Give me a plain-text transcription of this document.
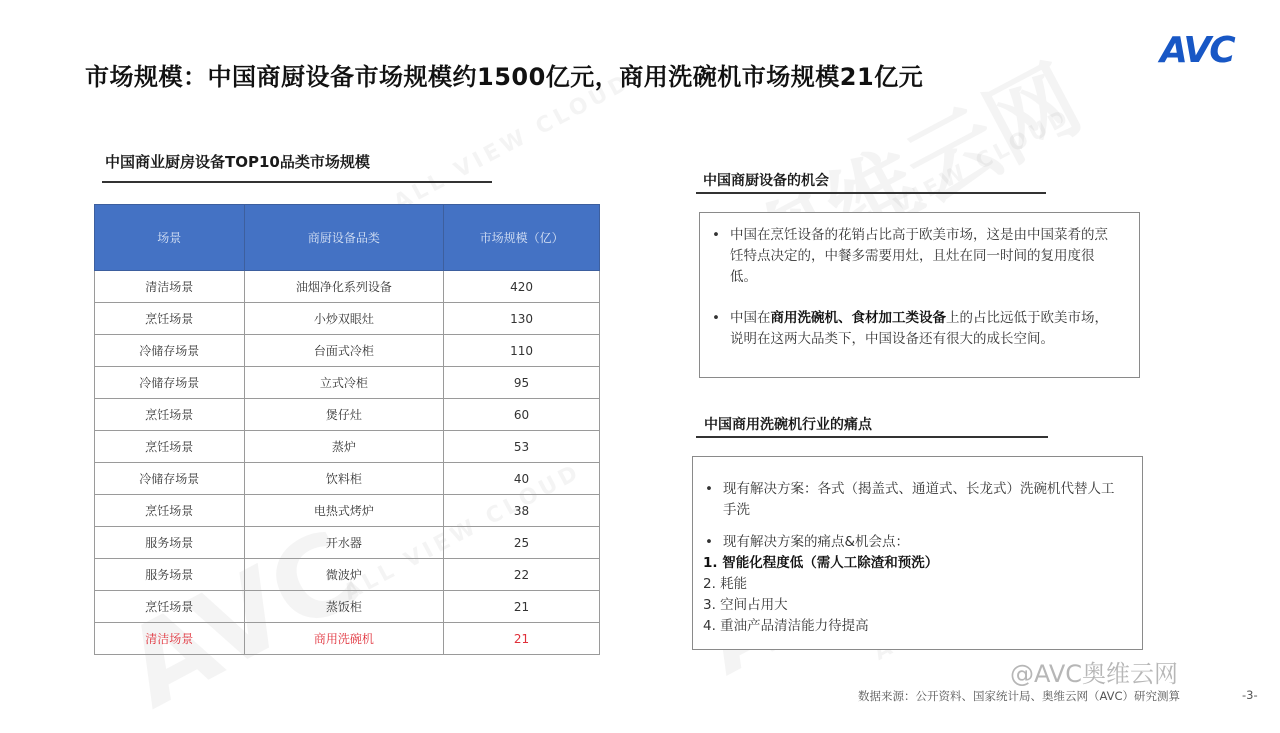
市场规模：中国商厨设备市场规模约1500亿元，商用洗碗机市场规模21亿元
AVC
中国商业厨房设备TOP10品类市场规模
场景	商厨设备品类	市场规模（亿）
清洁场景	油烟净化系列设备	420
烹饪场景	小炒双眼灶	130
冷储存场景	台面式冷柜	110
冷储存场景	立式冷柜	95
烹饪场景	煲仔灶	60
烹饪场景	蒸炉	53
冷储存场景	饮料柜	40
烹饪场景	电热式烤炉	38
服务场景	开水器	25
服务场景	微波炉	22
烹饪场景	蒸饭柜	21
清洁场景	商用洗碗机	21
中国商厨设备的机会
• 中国在烹饪设备的花销占比高于欧美市场，这是由中国菜肴的烹饪特点决定的，中餐多需要用灶，且灶在同一时间的复用度很低。
• 中国在商用洗碗机、食材加工类设备上的占比远低于欧美市场，说明在这两大品类下，中国设备还有很大的成长空间。
中国商用洗碗机行业的痛点
• 现有解决方案：各式（揭盖式、通道式、长龙式）洗碗机代替人工手洗
• 现有解决方案的痛点&机会点：
1. 智能化程度低（需人工除渣和预洗）
2. 耗能
3. 空间占用大
4. 重油产品清洁能力待提高
@AVC奥维云网
数据来源：公开资料、国家统计局、奥维云网（AVC）研究测算	-3-
